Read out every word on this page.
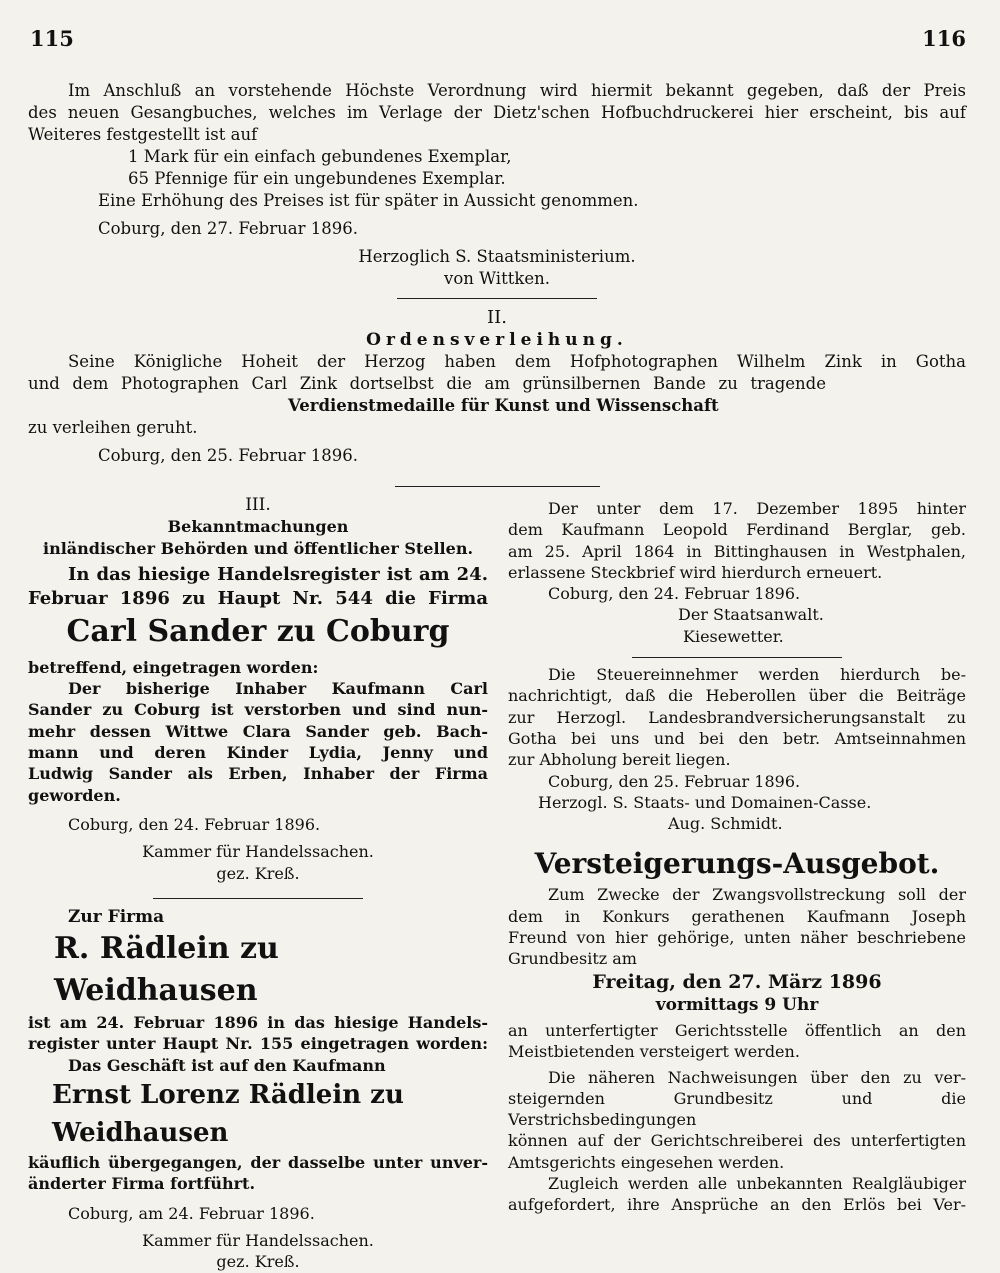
115	116

Im Anschluß an vorstehende Höchste Verordnung wird hiermit bekannt gegeben, daß der Preis

des neuen Gesangbuches, welches im Verlage der Dietz'schen Hofbuchdruckerei hier erscheint, bis auf

Weiteres festgestellt ist auf

1 Mark für ein einfach gebundenes Exemplar,

65 Pfennige für ein ungebundenes Exemplar.

Eine Erhöhung des Preises ist für später in Aussicht genommen.

Coburg, den 27. Februar 1896.

Herzoglich S. Staatsministerium.

von Wittken.

II.

Ordensverleihung.

Seine Königliche Hoheit der Herzog haben dem Hofphotographen Wilhelm Zink in Gotha

und dem Photographen Carl Zink dortselbst die am grünsilbernen Bande zu tragende

Verdienstmedaille für Kunst und Wissenschaft

zu verleihen geruht.

Coburg, den 25. Februar 1896.

III.

Bekanntmachungen

inländischer Behörden und öffentlicher Stellen.

In das hiesige Handelsregister ist am 24.

Februar 1896 zu Haupt Nr. 544 die Firma

Carl Sander zu Coburg

betreffend, eingetragen worden:

Der bisherige Inhaber Kaufmann Carl

Sander zu Coburg ist verstorben und sind nun-

mehr dessen Wittwe Clara Sander geb. Bach-

mann und deren Kinder Lydia, Jenny und

Ludwig Sander als Erben, Inhaber der Firma

geworden.

Coburg, den 24. Februar 1896.

Kammer für Handelssachen.

gez. Kreß.

Zur Firma

R. Rädlein zu Weidhausen

ist am 24. Februar 1896 in das hiesige Handels-

register unter Haupt Nr. 155 eingetragen worden:

Das Geschäft ist auf den Kaufmann

Ernst Lorenz Rädlein zu Weidhausen

käuflich übergegangen, der dasselbe unter unver-

änderter Firma fortführt.

Coburg, am 24. Februar 1896.

Kammer für Handelssachen.

gez. Kreß.

Der unter dem 17. Dezember 1895 hinter

dem Kaufmann Leopold Ferdinand Berglar, geb.

am 25. April 1864 in Bittinghausen in Westphalen,

erlassene Steckbrief wird hierdurch erneuert.

Coburg, den 24. Februar 1896.

Der Staatsanwalt.

Kiesewetter.

Die Steuereinnehmer werden hierdurch be-

nachrichtigt, daß die Heberollen über die Beiträge

zur Herzogl. Landesbrandversicherungsanstalt zu

Gotha bei uns und bei den betr. Amtseinnahmen

zur Abholung bereit liegen.

Coburg, den 25. Februar 1896.

Herzogl. S. Staats- und Domainen-Casse.

Aug. Schmidt.

Versteigerungs-Ausgebot.

Zum Zwecke der Zwangsvollstreckung soll der

dem in Konkurs gerathenen Kaufmann Joseph

Freund von hier gehörige, unten näher beschriebene

Grundbesitz am

Freitag, den 27. März 1896

vormittags 9 Uhr

an unterfertigter Gerichtsstelle öffentlich an den

Meistbietenden versteigert werden.

Die näheren Nachweisungen über den zu ver-

steigernden Grundbesitz und die Verstrichsbedingungen

können auf der Gerichtschreiberei des unterfertigten

Amtsgerichts eingesehen werden.

Zugleich werden alle unbekannten Realgläubiger

aufgefordert, ihre Ansprüche an den Erlös bei Ver-
